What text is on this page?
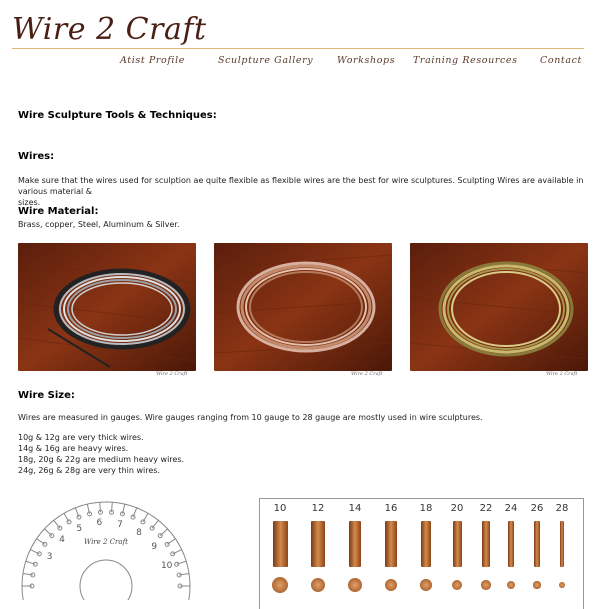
Wire 2 Craft
Atist Profile	Sculpture Gallery	Workshops Training Resources Contact
Wire Sculpture Tools & Techniques:
Wires:
Make sure that the wires used for sculption ae quite flexible as flexible wires are the best for wire sculptures. Sculpting Wires are available in various material &
sizes.
Wire Material:
Brass, copper, Steel, Aluminum & Silver.
Wire 2 Craft	Wire 2 Craft	Wire 2 Craft
Wire Size:
Wires are measured in gauges. Wire gauges ranging from 10 gauge to 28 gauge are mostly used in wire sculptures.
10g & 12g are very thick wires.
14g & 16g are heavy wires.
18g, 20g & 22g are medium heavy wires.
24g, 26g & 28g are very thin wires.
Wire 2 Craft
3
4
5
6 7
8
9
10
10	12	14	16	18	20	22	24	26	28
